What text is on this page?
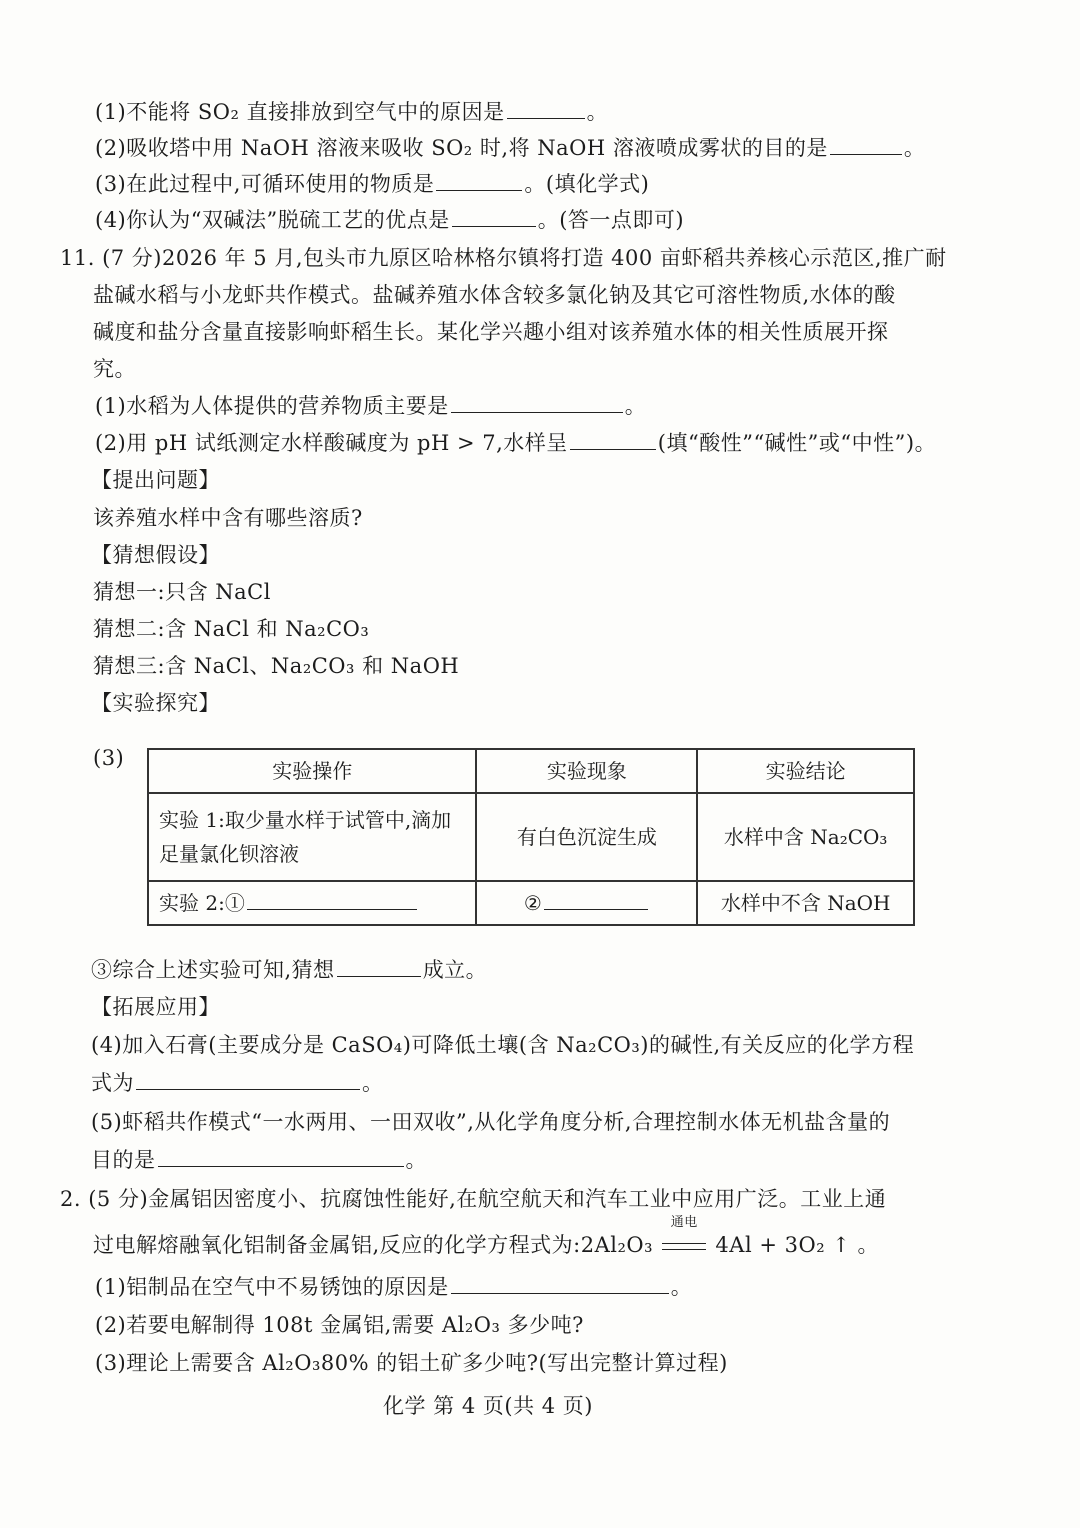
(1)不能将 SO₂ 直接排放到空气中的原因是	。
(2)吸收塔中用 NaOH 溶液来吸收 SO₂ 时,将 NaOH 溶液喷成雾状的目的是	。
(3)在此过程中,可循环使用的物质是	。(填化学式)
(4)你认为“双碱法”脱硫工艺的优点是	。(答一点即可)
11. (7 分)2026 年 5 月,包头市九原区哈林格尔镇将打造 400 亩虾稻共养核心示范区,推广耐
盐碱水稻与小龙虾共作模式。盐碱养殖水体含较多氯化钠及其它可溶性物质,水体的酸
碱度和盐分含量直接影响虾稻生长。某化学兴趣小组对该养殖水体的相关性质展开探
究。
(1)水稻为人体提供的营养物质主要是	。
(2)用 pH 试纸测定水样酸碱度为 pH > 7,水样呈	(填“酸性”“碱性”或“中性”)。
【提出问题】
该养殖水样中含有哪些溶质?
【猜想假设】
猜想一:只含 NaCl
猜想二:含 NaCl 和 Na₂CO₃
猜想三:含 NaCl、Na₂CO₃ 和 NaOH
【实验探究】
(3)
实验操作	实验现象	实验结论
实验 1:取少量水样于试管中,滴加足量氯化钡溶液	有白色沉淀生成	水样中含 Na₂CO₃
实验 2:①	②	水样中不含 NaOH
③综合上述实验可知,猜想	成立。
【拓展应用】
(4)加入石膏(主要成分是 CaSO₄)可降低土壤(含 Na₂CO₃)的碱性,有关反应的化学方程
式为	。
(5)虾稻共作模式“一水两用、一田双收”,从化学角度分析,合理控制水体无机盐含量的
目的是	。
2. (5 分)金属铝因密度小、抗腐蚀性能好,在航空航天和汽车工业中应用广泛。工业上通
过电解熔融氧化铝制备金属铝,反应的化学方程式为:2Al₂O₃
通电
4Al + 3O₂ ↑ 。
(1)铝制品在空气中不易锈蚀的原因是	。
(2)若要电解制得 108t 金属铝,需要 Al₂O₃ 多少吨?
(3)理论上需要含 Al₂O₃80% 的铝土矿多少吨?(写出完整计算过程)
化学 第 4 页(共 4 页)
